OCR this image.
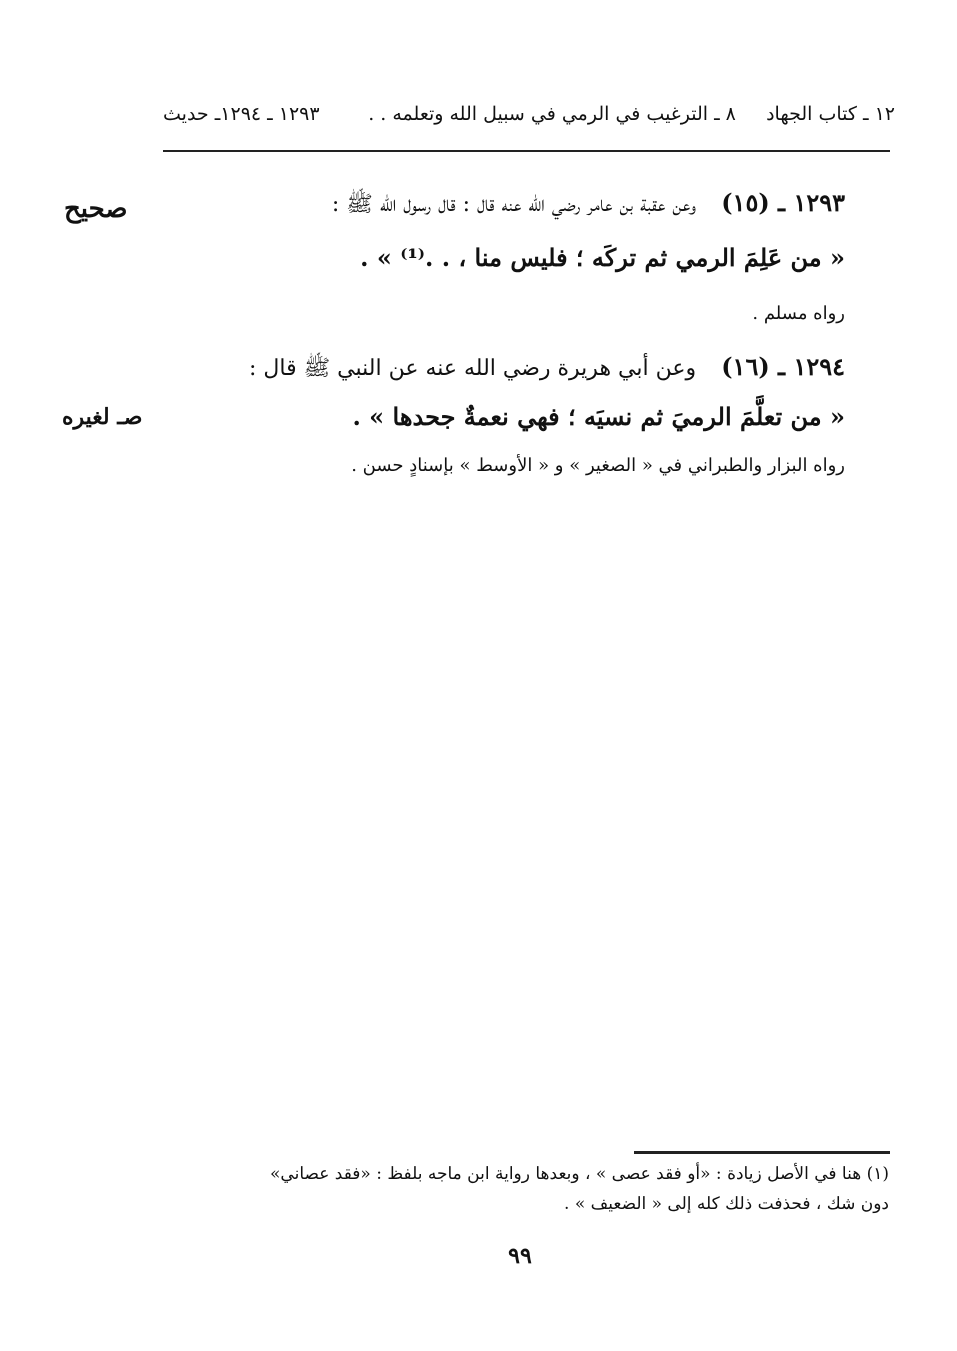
١٢ ـ كتاب الجهاد     ٨ ـ الترغيب في الرمي في سبيل الله وتعلمه . .
١٢٩٣ ـ ١٢٩٤ـ حديث
صحيح	١٢٩٣ ـ (١٥)   وعن عقبة بن عامر رضي الله عنه قال : قال رسول الله ﷺ :
« من عَلِمَ الرمي ثم تركَه ؛ فليس منا ، . .⁽¹⁾ » .
رواه مسلم .
١٢٩٤ ـ (١٦)   وعن أبي هريرة رضي الله عنه عن النبي ﷺ قال :
صـ لغيره	« من تعلَّمَ الرميَ ثم نسيَه ؛ فهي نعمةٌ جحدها » .
رواه البزار والطبراني في « الصغير » و « الأوسط » بإسنادٍ حسن .
(١) هنا في الأصل زيادة : «أو فقد عصى » ، وبعدها رواية ابن ماجه بلفظ : «فقد عصاني»
دون شك ، فحذفت ذلك كله إلى « الضعيف » .
٩٩
